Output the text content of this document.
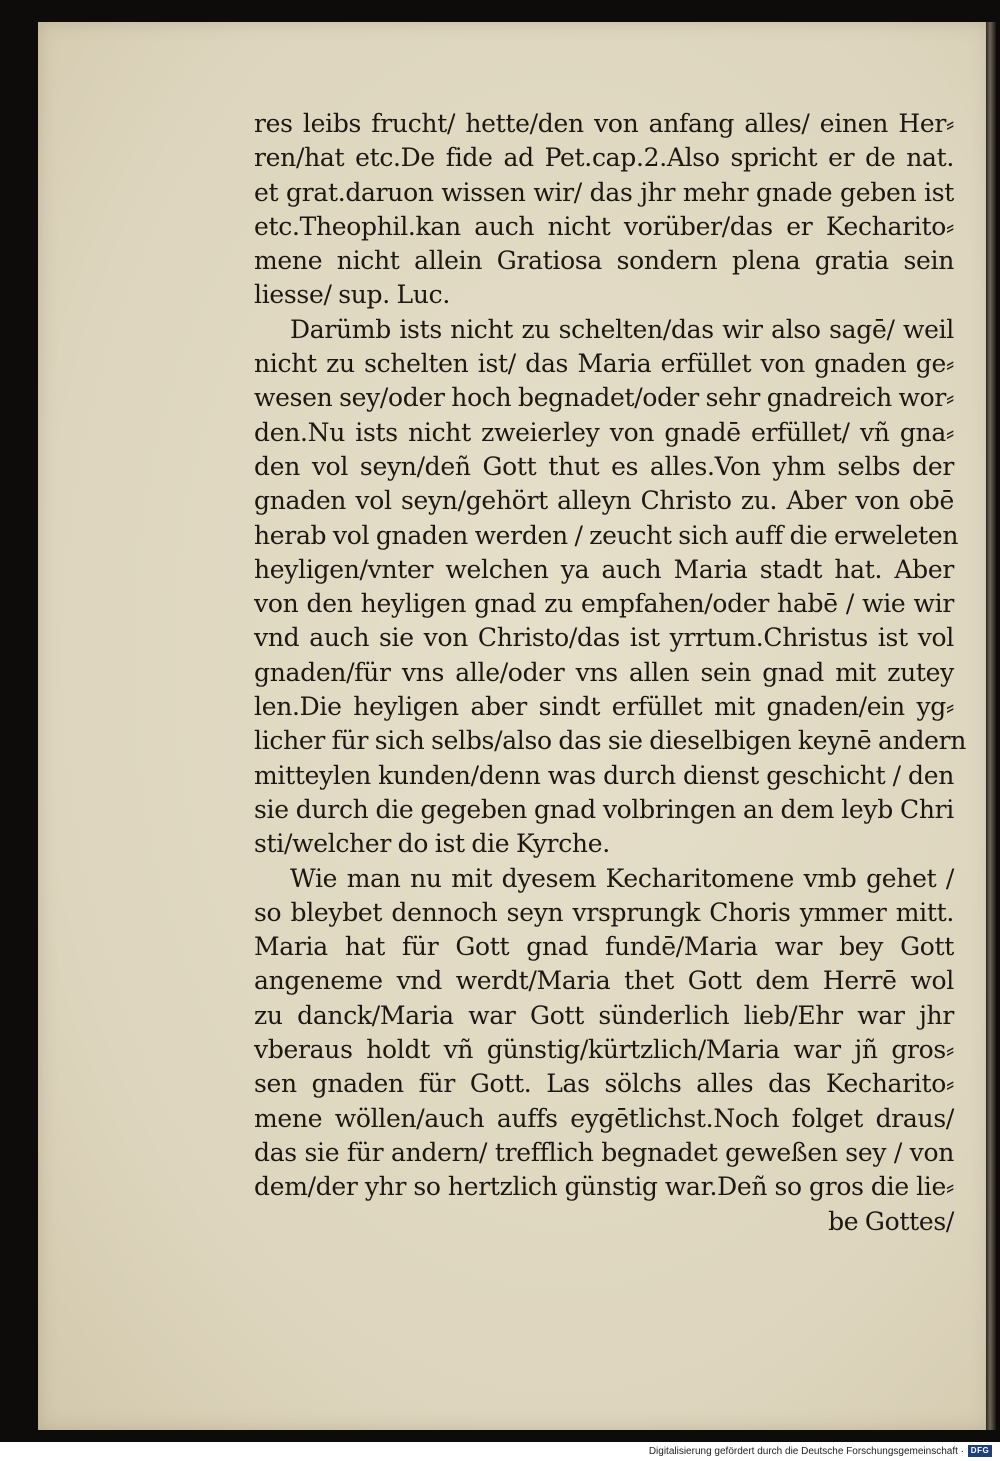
res leibs frucht/ hette/den von anfang alles/ einen Her⸗
ren/hat etc.De fide ad Pet.cap.2.Also spricht er de nat.
et grat.daruon wissen wir/ das jhr mehr gnade geben ist
etc.Theophil.kan auch nicht vorüber/das er Kecharito⸗
mene nicht allein Gratiosa sondern plena gratia sein
liesse/ sup. Luc.
Darümb ists nicht zu schelten/das wir also sagē/ weil
nicht zu schelten ist/ das Maria erfüllet von gnaden ge⸗
wesen sey/oder hoch begnadet/oder sehr gnadreich wor⸗
den.Nu ists nicht zweierley von gnadē erfüllet/ vñ gna⸗
den vol seyn/deñ Gott thut es alles.Von yhm selbs der
gnaden vol seyn/gehört alleyn Christo zu. Aber von obē
herab vol gnaden werden / zeucht sich auff die erweleten
heyligen/vnter welchen ya auch Maria stadt hat. Aber
von den heyligen gnad zu empfahen/oder habē / wie wir
vnd auch sie von Christo/das ist yrrtum.Christus ist vol
gnaden/für vns alle/oder vns allen sein gnad mit zutey
len.Die heyligen aber sindt erfüllet mit gnaden/ein yg⸗
licher für sich selbs/also das sie dieselbigen keynē andern
mitteylen kunden/denn was durch dienst geschicht / den
sie durch die gegeben gnad volbringen an dem leyb Chri
sti/welcher do ist die Kyrche.
Wie man nu mit dyesem Kecharitomene vmb gehet /
so bleybet dennoch seyn vrsprungk Choris ymmer mitt.
Maria hat für Gott gnad fundē/Maria war bey Gott
angeneme vnd werdt/Maria thet Gott dem Herrē wol
zu danck/Maria war Gott sünderlich lieb/Ehr war jhr
vberaus holdt vñ günstig/kürtzlich/Maria war jñ gros⸗
sen gnaden für Gott. Las sölchs alles das Kecharito⸗
mene wöllen/auch auffs eygētlichst.Noch folget draus/
das sie für andern/ trefflich begnadet geweßen sey / von
dem/der yhr so hertzlich günstig war.Deñ so gros die lie⸗
be Gottes/
Digitalisierung gefördert durch die Deutsche Forschungsgemeinschaft · DFG
